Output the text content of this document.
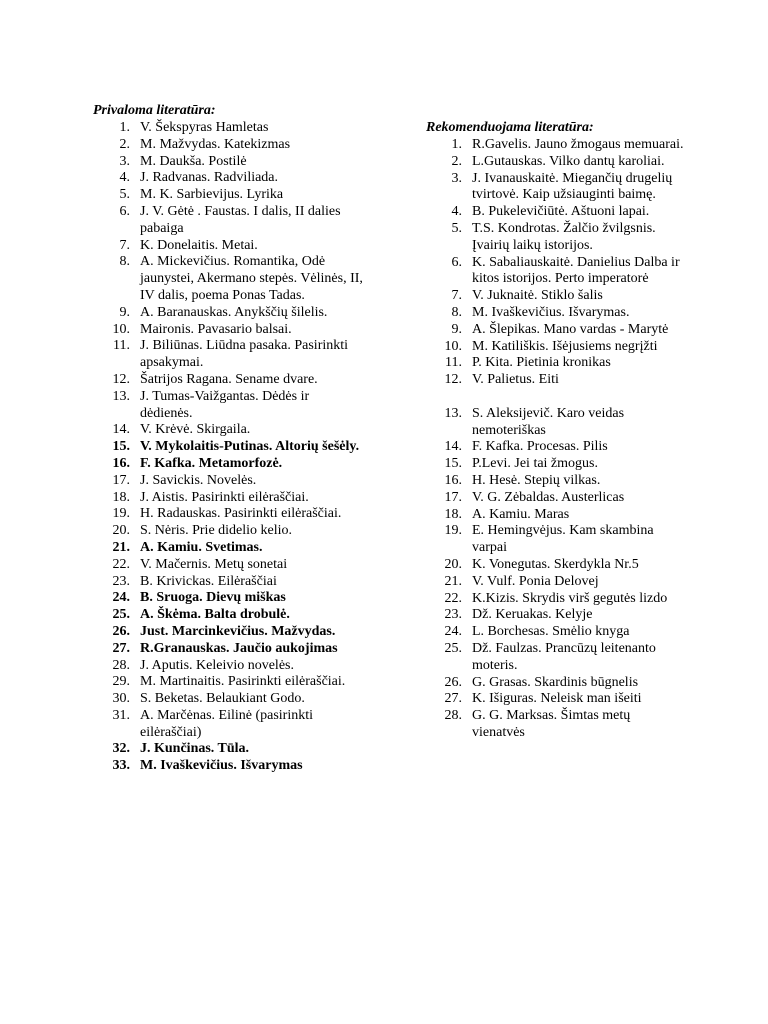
Privaloma literatūra:

1. V. Šekspyras Hamletas
2. M. Mažvydas. Katekizmas
3. M. Daukša. Postilė
4. J. Radvanas. Radviliada.
5. M. K. Sarbievijus. Lyrika
6. J. V. Gėtė . Faustas. I dalis, II dalies pabaiga
7. K. Donelaitis. Metai.
8. A. Mickevičius. Romantika, Odė jaunystei, Akermano stepės. Vėlinės, II, IV dalis, poema Ponas Tadas.
9. A. Baranauskas. Anykščių šilelis.
10. Maironis. Pavasario balsai.
11. J. Biliūnas. Liūdna pasaka. Pasirinkti apsakymai.
12. Šatrijos Ragana. Sename dvare.
13. J. Tumas-Vaižgantas. Dėdės ir dėdienės.
14. V. Krėvė. Skirgaila.
15. V. Mykolaitis-Putinas. Altorių šešėly.
16. F. Kafka. Metamorfozė.
17. J. Savickis. Novelės.
18. J. Aistis. Pasirinkti eilėraščiai.
19. H. Radauskas. Pasirinkti eilėraščiai.
20. S. Nėris. Prie didelio kelio.
21. A. Kamiu. Svetimas.
22. V. Mačernis. Metų sonetai
23. B. Krivickas. Eilėraščiai
24. B. Sruoga. Dievų miškas
25. A. Škėma. Balta drobulė.
26. Just. Marcinkevičius. Mažvydas.
27. R.Granauskas. Jaučio aukojimas
28. J. Aputis. Keleivio novelės.
29. M. Martinaitis. Pasirinkti eilėraščiai.
30. S. Beketas. Belaukiant Godo.
31. A. Marčėnas. Eilinė (pasirinkti eilėraščiai)
32. J. Kunčinas. Tūla.
33. M. Ivaškevičius. Išvarymas

Rekomenduojama literatūra:

1. R.Gavelis. Jauno žmogaus memuarai.
2. L.Gutauskas. Vilko dantų karoliai.
3. J. Ivanauskaitė. Miegančių drugelių tvirtovė. Kaip užsiauginti baimę.
4. B. Pukelevičiūtė. Aštuoni lapai.
5. T.S. Kondrotas. Žalčio žvilgsnis. Įvairių laikų istorijos.
6. K. Sabaliauskaitė. Danielius Dalba ir kitos istorijos. Perto imperatorė
7. V. Juknaitė. Stiklo šalis
8. M. Ivaškevičius. Išvarymas.
9. A. Šlepikas. Mano vardas - Marytė
10. M. Katiliškis. Išėjusiems negrįžti
11. P. Kita. Pietinia kronikas
12. V. Palietus. Eiti
13. S. Aleksijevič. Karo veidas nemoteriškas
14. F. Kafka. Procesas. Pilis
15. P.Levi. Jei tai žmogus.
16. H. Hesė. Stepių vilkas.
17. V. G. Zėbaldas. Austerlicas
18. A. Kamiu. Maras
19. E. Hemingvėjus. Kam skambina varpai
20. K. Vonegutas. Skerdykla Nr.5
21. V. Vulf. Ponia Delovej
22. K.Kizis. Skrydis virš gegutės lizdo
23. Dž. Keruakas. Kelyje
24. L. Borchesas. Smėlio knyga
25. Dž. Faulzas. Prancūzų leitenanto moteris.
26. G. Grasas. Skardinis būgnelis
27. K. Išiguras. Neleisk man išeiti
28. G. G. Marksas. Šimtas metų vienatvės
